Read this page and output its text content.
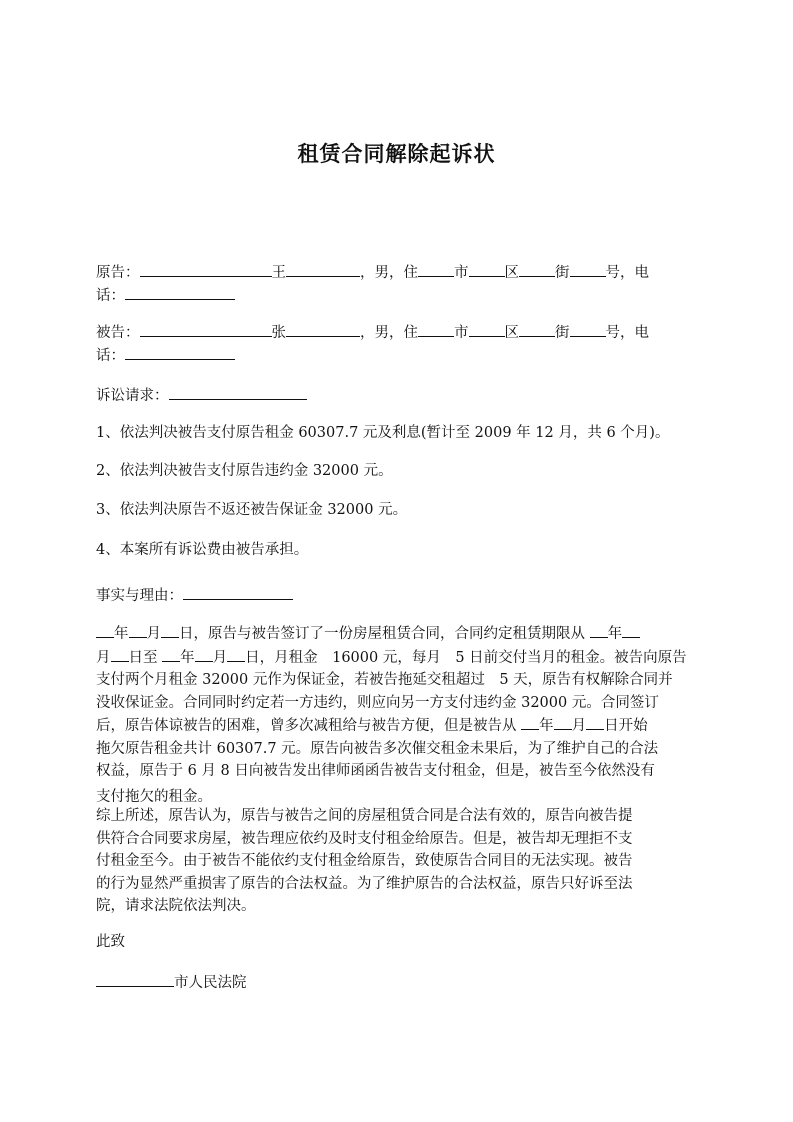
租赁合同解除起诉状
原告：	王	，男，住 市 区 街 号，电
话：
被告：	张	，男，住 市 区 街 号，电
话：
诉讼请求：
1、依法判决被告支付原告租金 60307.7 元及利息(暂计至 2009 年 12 月，共 6 个月)。
2、依法判决被告支付原告违约金 32000 元。
3、依法判决原告不返还被告保证金 32000 元。
4、本案所有诉讼费由被告承担。
事实与理由：
年 月 日，原告与被告签订了一份房屋租赁合同，合同约定租赁期限从 年
月 日至 年 月 日，月租金　16000 元，每月　5 日前交付当月的租金。被告向原告
支付两个月租金 32000 元作为保证金，若被告拖延交租超过　5 天，原告有权解除合同并
没收保证金。合同同时约定若一方违约，则应向另一方支付违约金 32000 元。合同签订
后，原告体谅被告的困难，曾多次减租给与被告方便，但是被告从 年 月 日开始
拖欠原告租金共计 60307.7 元。原告向被告多次催交租金未果后，为了维护自己的合法
权益，原告于 6 月 8 日向被告发出律师函函告被告支付租金，但是，被告至今依然没有
支付拖欠的租金。
综上所述，原告认为，原告与被告之间的房屋租赁合同是合法有效的，原告向被告提
供符合合同要求房屋，被告理应依约及时支付租金给原告。但是，被告却无理拒不支
付租金至今。由于被告不能依约支付租金给原告，致使原告合同目的无法实现。被告
的行为显然严重损害了原告的合法权益。为了维护原告的合法权益，原告只好诉至法
院，请求法院依法判决。
此致
市人民法院
